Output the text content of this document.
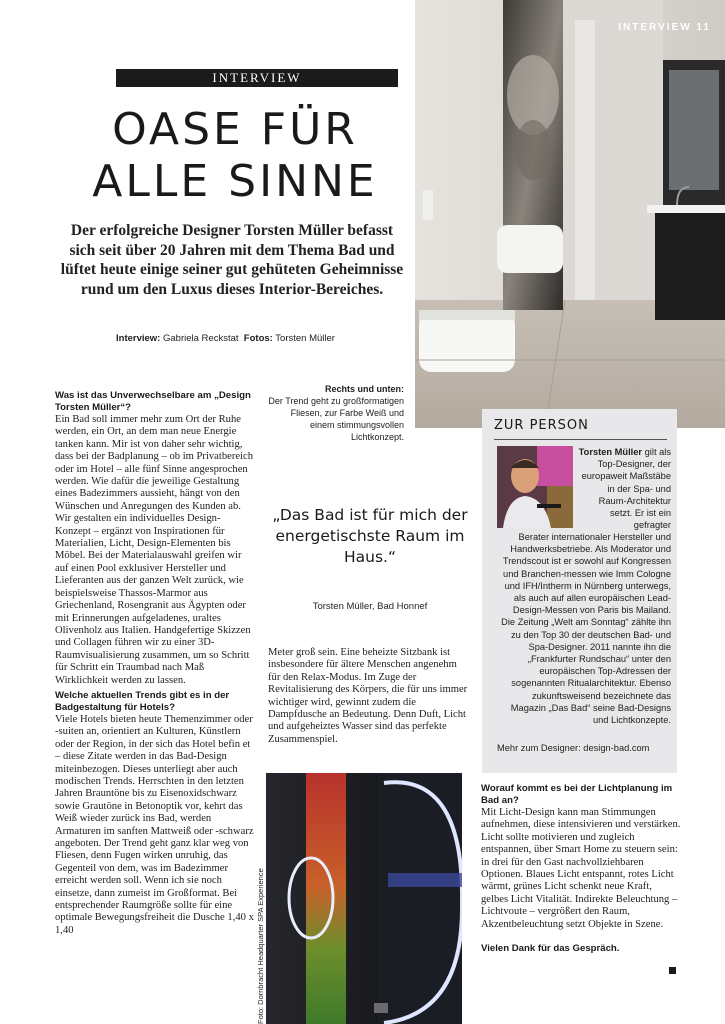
INTERVIEW 11
INTERVIEW
OASE FÜR
ALLE SINNE

Der erfolgreiche Designer Torsten Müller befasst sich seit über 20 Jahren mit dem Thema Bad und lüftet heute einige seiner gut gehüteten Geheimnisse rund um den Luxus dieses Interior-Bereiches.

Interview: Gabriela Reckstat Fotos: Torsten Müller
Rechts und unten:
Der Trend geht zu großformatigen Fliesen, zur Farbe Weiß und einem stimmungsvollen Lichtkonzept.

Was ist das Unverwechselbare am „Design Torsten Müller“?

Ein Bad soll immer mehr zum Ort der Ruhe werden, ein Ort, an dem man neue Energie tanken kann. Mir ist von daher sehr wichtig, dass bei der Badplanung – ob im Privatbereich oder im Hotel – alle fünf Sinne angesprochen werden. Wie dafür die jeweilige Gestaltung eines Badezimmers aussieht, hängt von den Wünschen und Anregungen des Kunden ab. Wir gestalten ein individuelles Design-Konzept – ergänzt von Inspirationen für Materialien, Licht, Design-Elementen bis Möbel. Bei der Materialauswahl greifen wir auf einen Pool exklusiver Hersteller und Lieferanten aus der ganzen Welt zurück, wie beispielsweise Thassos-Marmor aus Griechenland, Rosengranit aus Ägypten oder mit Erinnerungen aufgeladenes, uraltes Olivenholz aus Italien. Handgefertige Skizzen und Collagen führen wir zu einer 3D-Raumvisualisierung zusammen, um so Schritt für Schritt ein Traumbad nach Maß Wirklichkeit werden zu lassen.

Welche aktuellen Trends gibt es in der Badgestaltung für Hotels?

Viele Hotels bieten heute Themenzimmer oder -suiten an, orientiert an Kulturen, Künstlern oder der Region, in der sich das Hotel befin et – diese Zitate werden in das Bad-Design miteinbezogen. Dieses unterliegt aber auch modischen Trends. Herrschten in den letzten Jahren Brauntöne bis zu Eisenoxidschwarz sowie Grautöne in Betonoptik vor, kehrt das Weiß wieder zurück ins Bad, werden Armaturen im sanften Mattweiß oder -schwarz angeboten. Der Trend geht ganz klar weg von Fliesen, denn Fugen wirken unruhig, das Gegenteil von dem, was im Badezimmer erreicht werden soll. Wenn ich sie noch einsetze, dann zumeist im Großformat. Bei entsprechender Raumgröße sollte für eine optimale Bewegungsfreiheit die Dusche 1,40 x 1,40

„Das Bad ist für mich der energetischste Raum im Haus.“
Torsten Müller, Bad Honnef

Meter groß sein. Eine beheizte Sitzbank ist insbesondere für ältere Menschen angenehm für den Relax-Modus. Im Zuge der Revitalisierung des Körpers, die für uns immer wichtiger wird, gewinnt zudem die Dampfdusche an Bedeutung. Denn Duft, Licht und aufgeheiztes Wasser sind das perfekte Zusammenspiel.

Foto: Dornbracht Headquarter SPA Experience
ZUR PERSON
Torsten Müller gilt als Top-Designer, der europaweit Maßstäbe in der Spa- und Raum-Architektur setzt. Er ist ein gefragter
Berater internationaler Hersteller und Handwerksbetriebe. Als Moderator und Trendscout ist er sowohl auf Kongressen und Branchen-messen wie Imm Cologne und IFH/Intherm in Nürnberg unterwegs, als auch auf allen europäischen Lead-Design-Messen von Paris bis Mailand. Die Zeitung „Welt am Sonntag“ zählte ihn zu den Top 30 der deutschen Bad- und Spa-Designer. 2011 nannte ihn die „Frankfurter Rundschau“ unter den europäischen Top-Adressen der sogenannten Ritualarchitektur. Ebenso zukunftsweisend bezeichnete das Magazin „Das Bad“ seine Bad-Designs und Lichtkonzepte.
Mehr zum Designer: design-bad.com

Worauf kommt es bei der Lichtplanung im Bad an?

Mit Licht-Design kann man Stimmungen aufnehmen, diese intensivieren und verstärken. Licht sollte motivieren und zugleich entspannen, über Smart Home zu steuern sein: in drei für den Gast nachvollziehbaren Optionen. Blaues Licht entspannt, rotes Licht wärmt, grünes Licht schenkt neue Kraft, gelbes Licht Vitalität. Indirekte Beleuchtung – Lichtvoute – vergrößert den Raum, Akzentbeleuchtung setzt Objekte in Szene.

Vielen Dank für das Gespräch.
